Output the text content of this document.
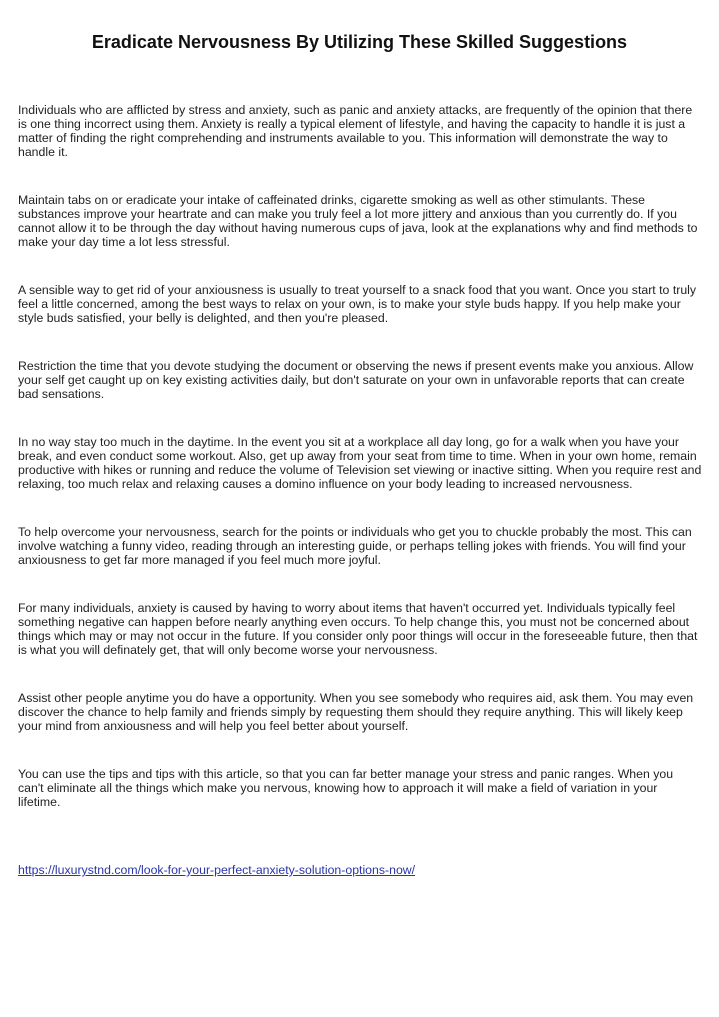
Eradicate Nervousness By Utilizing These Skilled Suggestions

Individuals who are afflicted by stress and anxiety, such as panic and anxiety attacks, are frequently of the opinion that there is one thing incorrect using them. Anxiety is really a typical element of lifestyle, and having the capacity to handle it is just a matter of finding the right comprehending and instruments available to you. This information will demonstrate the way to handle it.

Maintain tabs on or eradicate your intake of caffeinated drinks, cigarette smoking as well as other stimulants. These substances improve your heartrate and can make you truly feel a lot more jittery and anxious than you currently do. If you cannot allow it to be through the day without having numerous cups of java, look at the explanations why and find methods to make your day time a lot less stressful.

A sensible way to get rid of your anxiousness is usually to treat yourself to a snack food that you want. Once you start to truly feel a little concerned, among the best ways to relax on your own, is to make your style buds happy. If you help make your style buds satisfied, your belly is delighted, and then you're pleased.

Restriction the time that you devote studying the document or observing the news if present events make you anxious. Allow your self get caught up on key existing activities daily, but don't saturate on your own in unfavorable reports that can create bad sensations.

In no way stay too much in the daytime. In the event you sit at a workplace all day long, go for a walk when you have your break, and even conduct some workout. Also, get up away from your seat from time to time. When in your own home, remain productive with hikes or running and reduce the volume of Television set viewing or inactive sitting. When you require rest and relaxing, too much relax and relaxing causes a domino influence on your body leading to increased nervousness.

To help overcome your nervousness, search for the points or individuals who get you to chuckle probably the most. This can involve watching a funny video, reading through an interesting guide, or perhaps telling jokes with friends. You will find your anxiousness to get far more managed if you feel much more joyful.

For many individuals, anxiety is caused by having to worry about items that haven't occurred yet. Individuals typically feel something negative can happen before nearly anything even occurs. To help change this, you must not be concerned about things which may or may not occur in the future. If you consider only poor things will occur in the foreseeable future, then that is what you will definately get, that will only become worse your nervousness.

Assist other people anytime you do have a opportunity. When you see somebody who requires aid, ask them. You may even discover the chance to help family and friends simply by requesting them should they require anything. This will likely keep your mind from anxiousness and will help you feel better about yourself.

You can use the tips and tips with this article, so that you can far better manage your stress and panic ranges. When you can't eliminate all the things which make you nervous, knowing how to approach it will make a field of variation in your lifetime.

https://luxurystnd.com/look-for-your-perfect-anxiety-solution-options-now/
